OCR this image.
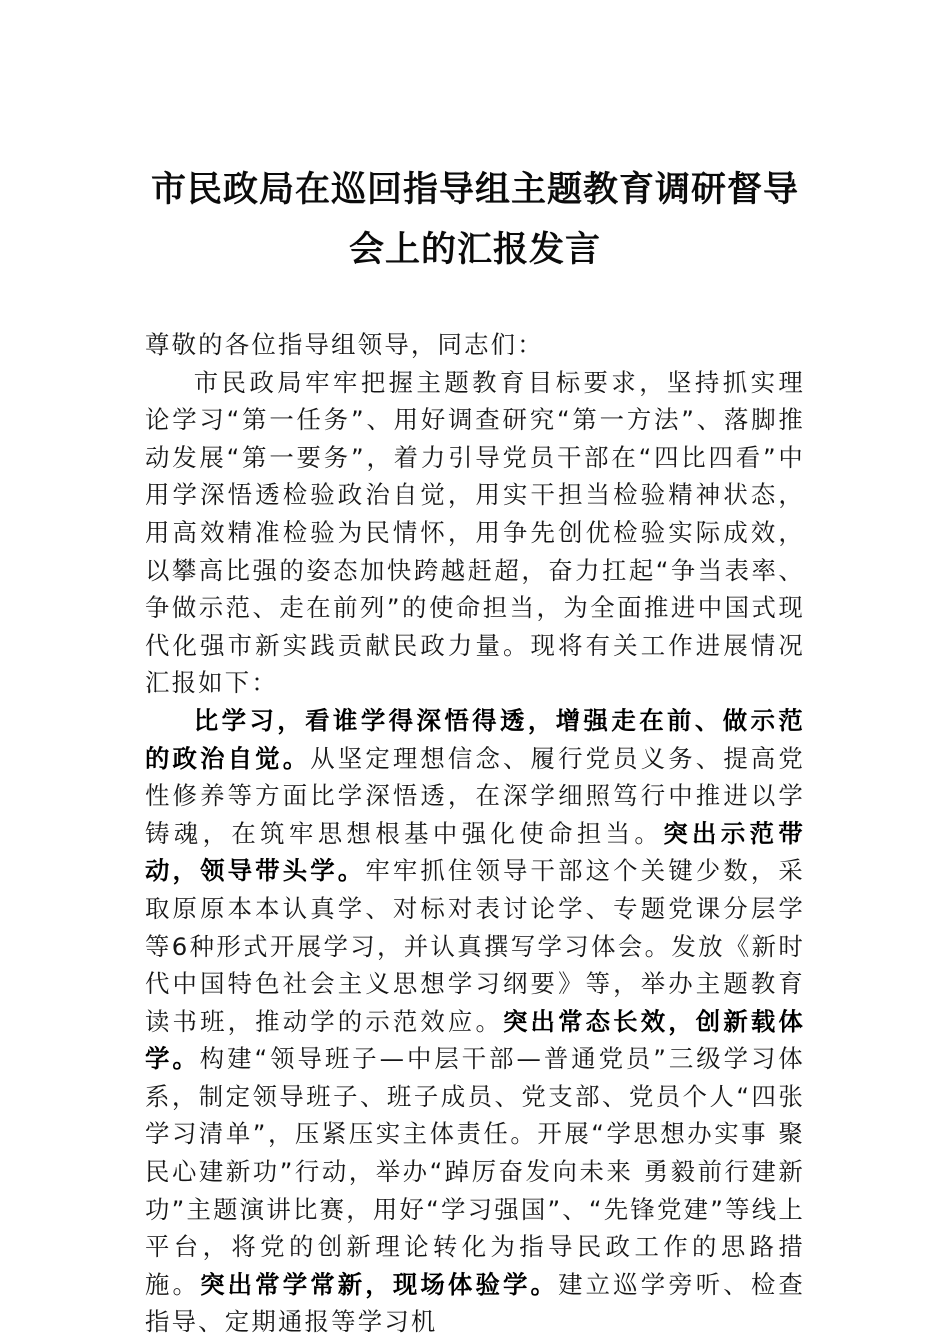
市民政局在巡回指导组主题教育调研督导
会上的汇报发言

尊敬的各位指导组领导，同志们：

市民政局牢牢把握主题教育目标要求，坚持抓实理论学习“第一任务”、用好调查研究“第一方法”、落脚推动发展“第一要务”，着力引导党员干部在“四比四看”中用学深悟透检验政治自觉，用实干担当检验精神状态，用高效精准检验为民情怀，用争先创优检验实际成效，以攀高比强的姿态加快跨越赶超，奋力扛起“争当表率、争做示范、走在前列”的使命担当，为全面推进中国式现代化强市新实践贡献民政力量。现将有关工作进展情况汇报如下：

比学习，看谁学得深悟得透，增强走在前、做示范的政治自觉。从坚定理想信念、履行党员义务、提高党性修养等方面比学深悟透，在深学细照笃行中推进以学铸魂，在筑牢思想根基中强化使命担当。突出示范带动，领导带头学。牢牢抓住领导干部这个关键少数，采取原原本本认真学、对标对表讨论学、专题党课分层学等6种形式开展学习，并认真撰写学习体会。发放《新时代中国特色社会主义思想学习纲要》等，举办主题教育读书班，推动学的示范效应。突出常态长效，创新载体学。构建“领导班子—中层干部—普通党员”三级学习体系，制定领导班子、班子成员、党支部、党员个人“四张学习清单”，压紧压实主体责任。开展“学思想办实事 聚民心建新功”行动，举办“踔厉奋发向未来 勇毅前行建新功”主题演讲比赛，用好“学习强国”、“先锋党建”等线上平台，将党的创新理论转化为指导民政工作的思路措施。突出常学常新，现场体验学。建立巡学旁听、检查指导、定期通报等学习机
